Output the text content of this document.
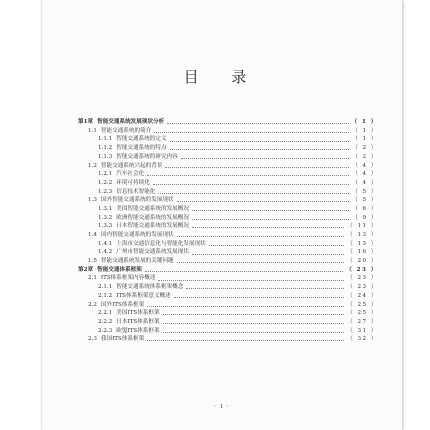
目 录
第1章 智能交通系统发展现状分析	（ 1 ）
1.1 智能交通系统的简介	（ 1 ）
1.1.1 智能交通系统的定义	（ 1 ）
1.1.2 智能交通系统的特点	（ 2 ）
1.1.3 智能交通系统的研究内容	（ 2 ）
1.2 智能交通系统兴起的背景	（ 4 ）
1.2.1 汽车社会化	（ 4 ）
1.2.2 环境可持续化	（ 4 ）
1.2.3 信息技术智能化	（ 5 ）
1.3 国外智能交通系统的发展现状	（ 5 ）
1.3.1 美国智能交通系统的发展概况	（ 6 ）
1.3.2 欧洲智能交通系统的发展概况	（ 9 ）
1.3.3 日本智能交通系统的发展概况	（ 11 ）
1.4 国内智能交通系统的发展现状	（ 13 ）
1.4.1 上海市交通信息化与智能化发展现状	（ 13 ）
1.4.2 广州市智能交通系统发展现状	（ 16 ）
1.5 智能交通系统发展的关键问题	（ 20 ）
第2章 智能交通体系框架	（ 23 ）
2.1 ITS体系框架内容概述	（ 23 ）
2.1.1 智能交通系统体系框架概念	（ 23 ）
2.1.2 ITS体系框架意义概述	（ 24 ）
2.2 国外ITS体系框架	（ 25 ）
2.2.1 美国ITS体系框架	（ 25 ）
2.2.2 日本ITS体系框架	（ 27 ）
2.2.3 欧盟ITS体系框架	（ 31 ）
2.3 我国ITS体系框架	（ 32 ）
· I ·
